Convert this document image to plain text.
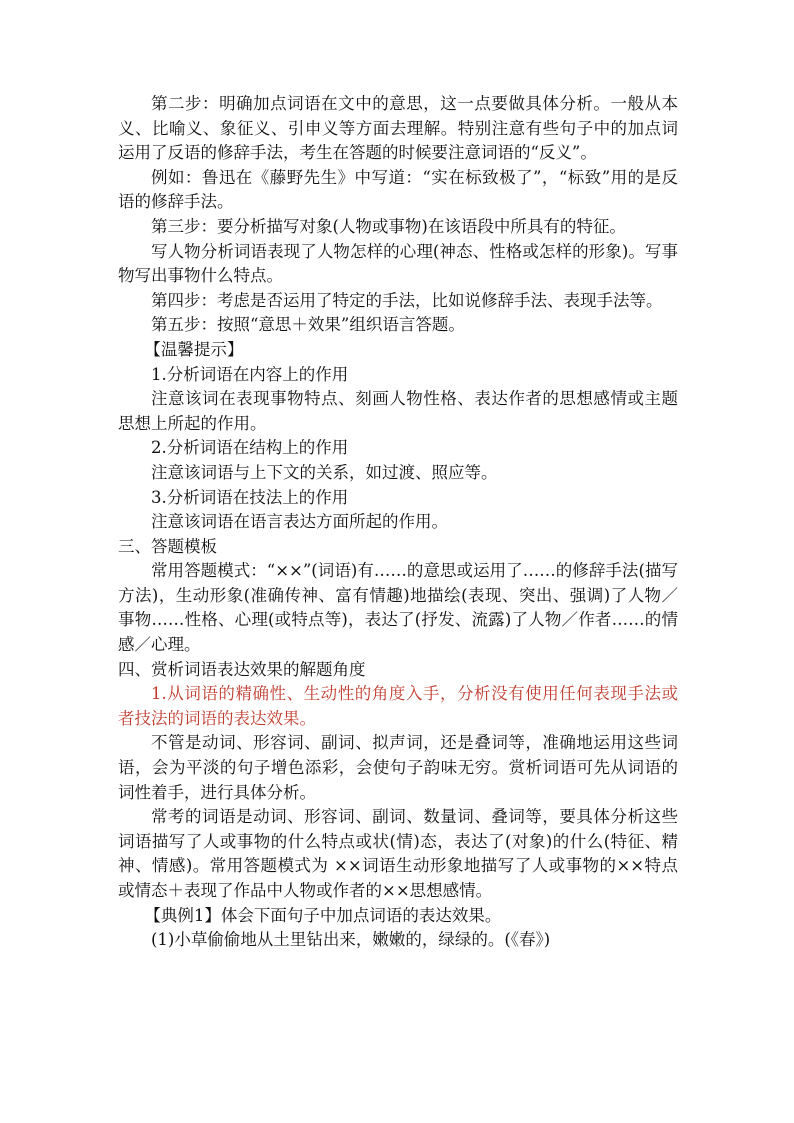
第二步：明确加点词语在文中的意思，这一点要做具体分析。一般从本义、比喻义、象征义、引申义等方面去理解。特别注意有些句子中的加点词运用了反语的修辞手法，考生在答题的时候要注意词语的“反义”。

例如：鲁迅在《藤野先生》中写道：“实在标致极了”，“标致”用的是反语的修辞手法。

第三步：要分析描写对象(人物或事物)在该语段中所具有的特征。

写人物分析词语表现了人物怎样的心理(神态、性格或怎样的形象)。写事物写出事物什么特点。

第四步：考虑是否运用了特定的手法，比如说修辞手法、表现手法等。

第五步：按照“意思＋效果”组织语言答题。

【温馨提示】

1.分析词语在内容上的作用

注意该词在表现事物特点、刻画人物性格、表达作者的思想感情或主题思想上所起的作用。

2.分析词语在结构上的作用

注意该词语与上下文的关系，如过渡、照应等。

3.分析词语在技法上的作用

注意该词语在语言表达方面所起的作用。

三、答题模板

常用答题模式：“××”(词语)有……的意思或运用了……的修辞手法(描写方法)，生动形象(准确传神、富有情趣)地描绘(表现、突出、强调)了人物／事物……性格、心理(或特点等)，表达了(抒发、流露)了人物／作者……的情感／心理。

四、赏析词语表达效果的解题角度

1.从词语的精确性、生动性的角度入手，分析没有使用任何表现手法或者技法的词语的表达效果。

不管是动词、形容词、副词、拟声词，还是叠词等，准确地运用这些词语，会为平淡的句子增色添彩，会使句子韵味无穷。赏析词语可先从词语的词性着手，进行具体分析。

常考的词语是动词、形容词、副词、数量词、叠词等，要具体分析这些词语描写了人或事物的什么特点或状(情)态，表达了(对象)的什么(特征、精神、情感)。常用答题模式为 ××词语生动形象地描写了人或事物的××特点或情态＋表现了作品中人物或作者的××思想感情。

【典例1】体会下面句子中加点词语的表达效果。

(1)小草偷偷地从土里钻出来，嫩嫩的，绿绿的。(《春》)
